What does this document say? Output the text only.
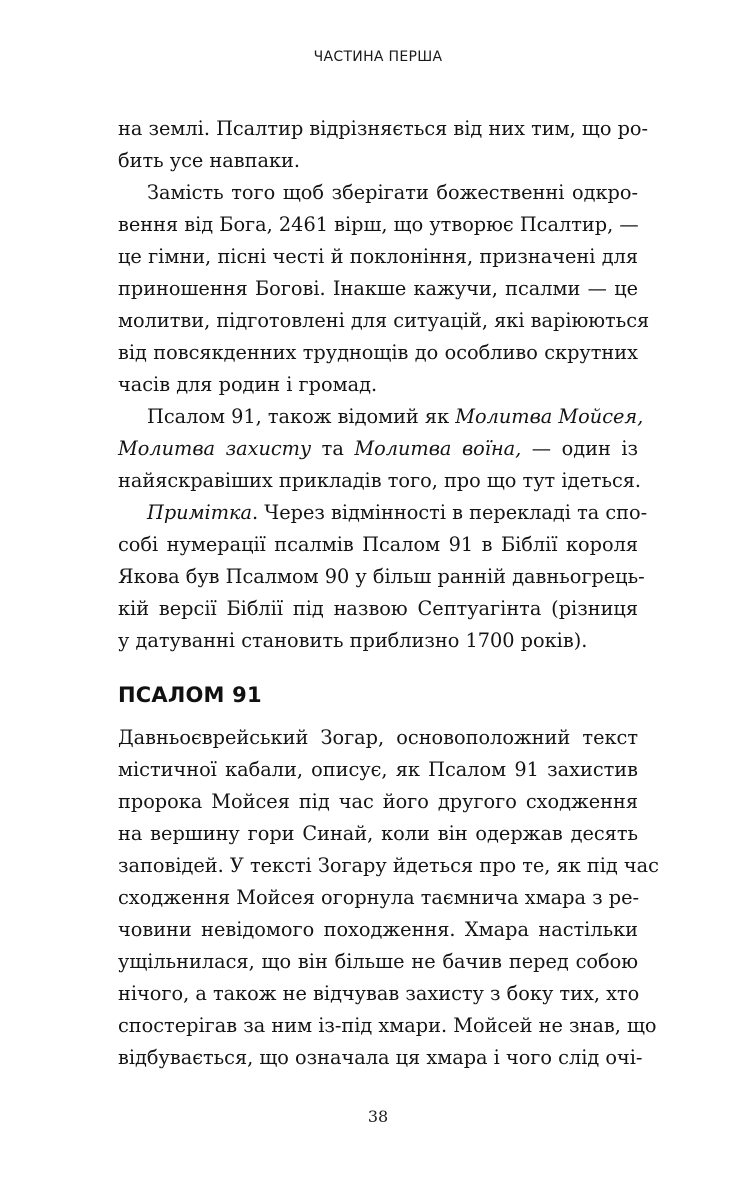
ЧАСТИНА ПЕРША
на землі. Псалтир відрізняється від них тим, що ро-
бить усе навпаки.
Замість того щоб зберігати божественні одкро-
вення від Бога, 2461 вірш, що утворює Псалтир, —
це гімни, пісні честі й поклоніння, призначені для
приношення Богові. Інакше кажучи, псалми — це
молитви, підготовлені для ситуацій, які варіюються
від повсякденних труднощів до особливо скрутних
часів для родин і громад.
Псалом 91, також відомий як Молитва Мойсея,
Молитва захисту та Молитва воїна, — один із
найяскравіших прикладів того, про що тут ідеться.
Примітка. Через відмінності в перекладі та спо-
собі нумерації псалмів Псалом 91 в Біблії короля
Якова був Псалмом 90 у більш ранній давньогрець-
кій версії Біблії під назвою Септуагінта (різниця
у датуванні становить приблизно 1700 років).
ПСАЛОМ 91
Давньоєврейський Зогар, основоположний текст
містичної кабали, описує, як Псалом 91 захистив
пророка Мойсея під час його другого сходження
на вершину гори Синай, коли він одержав десять
заповідей. У тексті Зогару йдеться про те, як під час
сходження Мойсея огорнула таємнича хмара з ре-
човини невідомого походження. Хмара настільки
ущільнилася, що він більше не бачив перед собою
нічого, а також не відчував захисту з боку тих, хто
спостерігав за ним із-під хмари. Мойсей не знав, що
відбувається, що означала ця хмара і чого слід очі-
38
